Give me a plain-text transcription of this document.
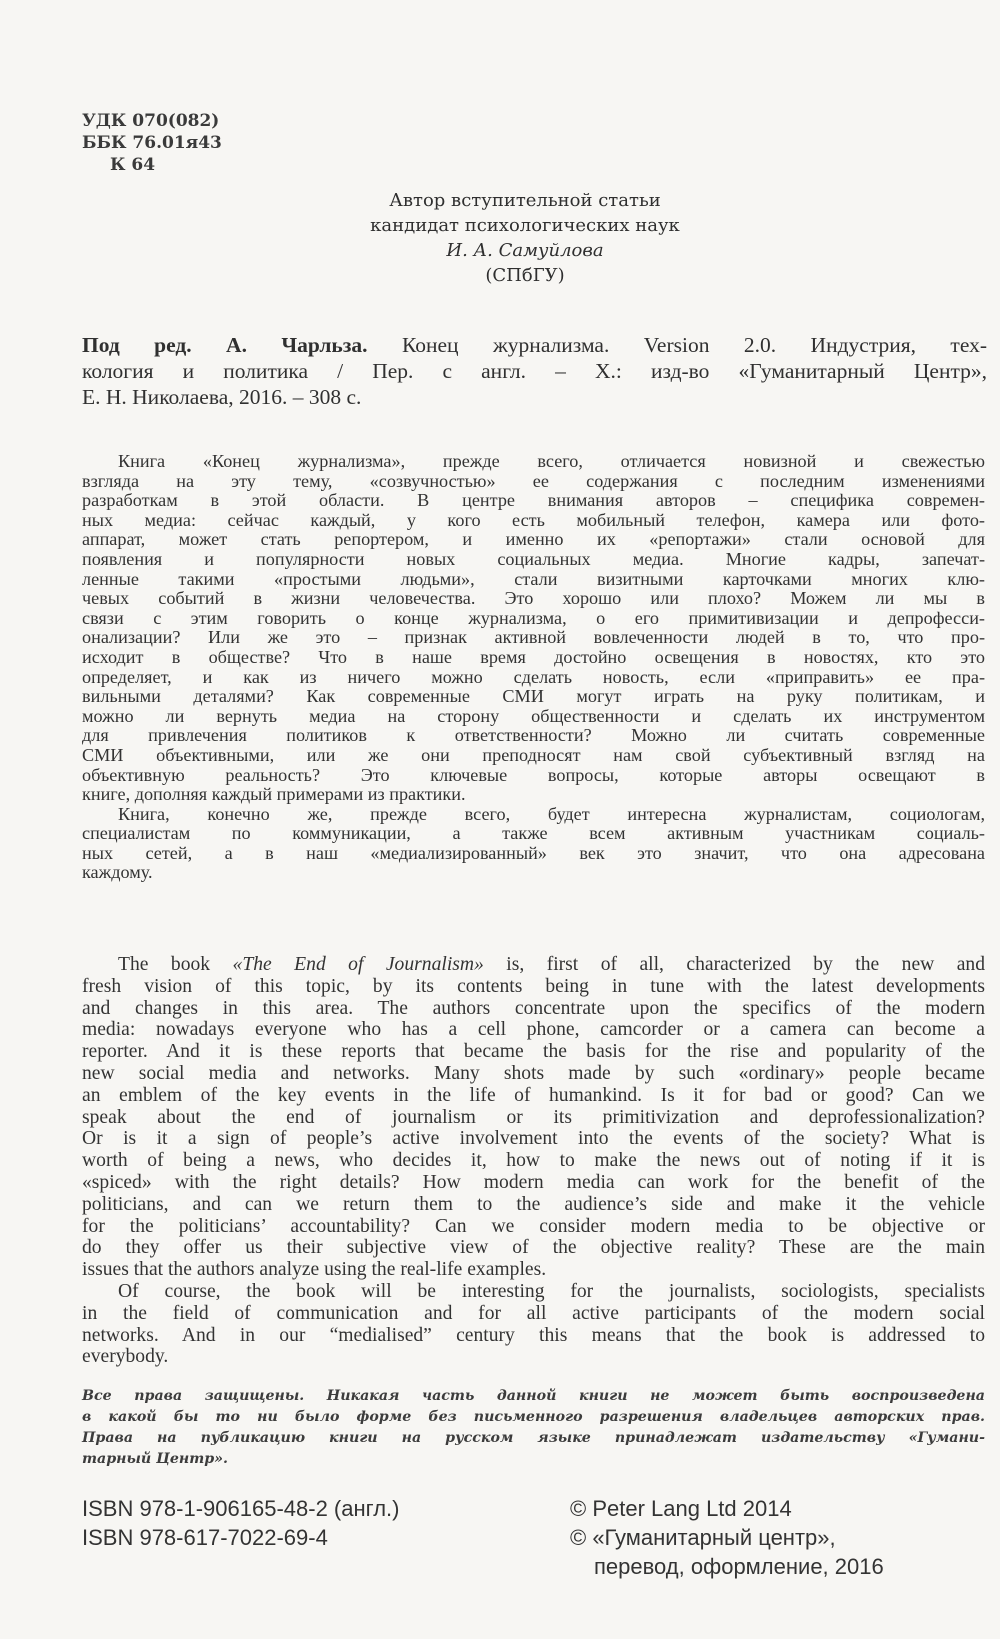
УДК 070(082)
ББК 76.01я43
К 64
Автор вступительной статьи
кандидат психологических наук
И. А. Самуйлова
(СПбГУ)
Под ред. А. Чарльза. Конец журнализма. Version 2.0. Индустрия, тех-
кология и политика / Пер. с англ. – Х.: изд-во «Гуманитарный Центр»,
Е. Н. Николаева, 2016. – 308 с.
Книга «Конец журнализма», прежде всего, отличается новизной и свежестью
взгляда на эту тему, «созвучностью» ее содержания с последним изменениями
разработкам в этой области. В центре внимания авторов – специфика современ-
ных медиа: сейчас каждый, у кого есть мобильный телефон, камера или фото-
аппарат, может стать репортером, и именно их «репортажи» стали основой для
появления и популярности новых социальных медиа. Многие кадры, запечат-
ленные такими «простыми людьми», стали визитными карточками многих клю-
чевых событий в жизни человечества. Это хорошо или плохо? Можем ли мы в
связи с этим говорить о конце журнализма, о его примитивизации и депрофесси-
онализации? Или же это – признак активной вовлеченности людей в то, что про-
исходит в обществе? Что в наше время достойно освещения в новостях, кто это
определяет, и как из ничего можно сделать новость, если «приправить» ее пра-
вильными деталями? Как современные СМИ могут играть на руку политикам, и
можно ли вернуть медиа на сторону общественности и сделать их инструментом
для привлечения политиков к ответственности? Можно ли считать современные
СМИ объективными, или же они преподносят нам свой субъективный взгляд на
объективную реальность? Это ключевые вопросы, которые авторы освещают в
книге, дополняя каждый примерами из практики.
Книга, конечно же, прежде всего, будет интересна журналистам, социологам,
специалистам по коммуникации, а также всем активным участникам социаль-
ных сетей, а в наш «медиализированный» век это значит, что она адресована
каждому.
The book «The End of Journalism» is, first of all, characterized by the new and
fresh vision of this topic, by its contents being in tune with the latest developments
and changes in this area. The authors concentrate upon the specifics of the modern
media: nowadays everyone who has a cell phone, camcorder or a camera can become a
reporter. And it is these reports that became the basis for the rise and popularity of the
new social media and networks. Many shots made by such «ordinary» people became
an emblem of the key events in the life of humankind. Is it for bad or good? Can we
speak about the end of journalism or its primitivization and deprofessionalization?
Or is it a sign of people’s active involvement into the events of the society? What is
worth of being a news, who decides it, how to make the news out of noting if it is
«spiced» with the right details? How modern media can work for the benefit of the
politicians, and can we return them to the audience’s side and make it the vehicle
for the politicians’ accountability? Can we consider modern media to be objective or
do they offer us their subjective view of the objective reality? These are the main
issues that the authors analyze using the real-life examples.
Of course, the book will be interesting for the journalists, sociologists, specialists
in the field of communication and for all active participants of the modern social
networks. And in our “medialised” century this means that the book is addressed to
everybody.
Все права защищены. Никакая часть данной книги не может быть воспроизведена
в какой бы то ни было форме без письменного разрешения владельцев авторских прав.
Права на публикацию книги на русском языке принадлежат издательству «Гумани-
тарный Центр».
ISBN 978-1-906165-48-2 (англ.)
ISBN 978-617-7022-69-4
© Peter Lang Ltd 2014
© «Гуманитарный центр»,
перевод, оформление, 2016
